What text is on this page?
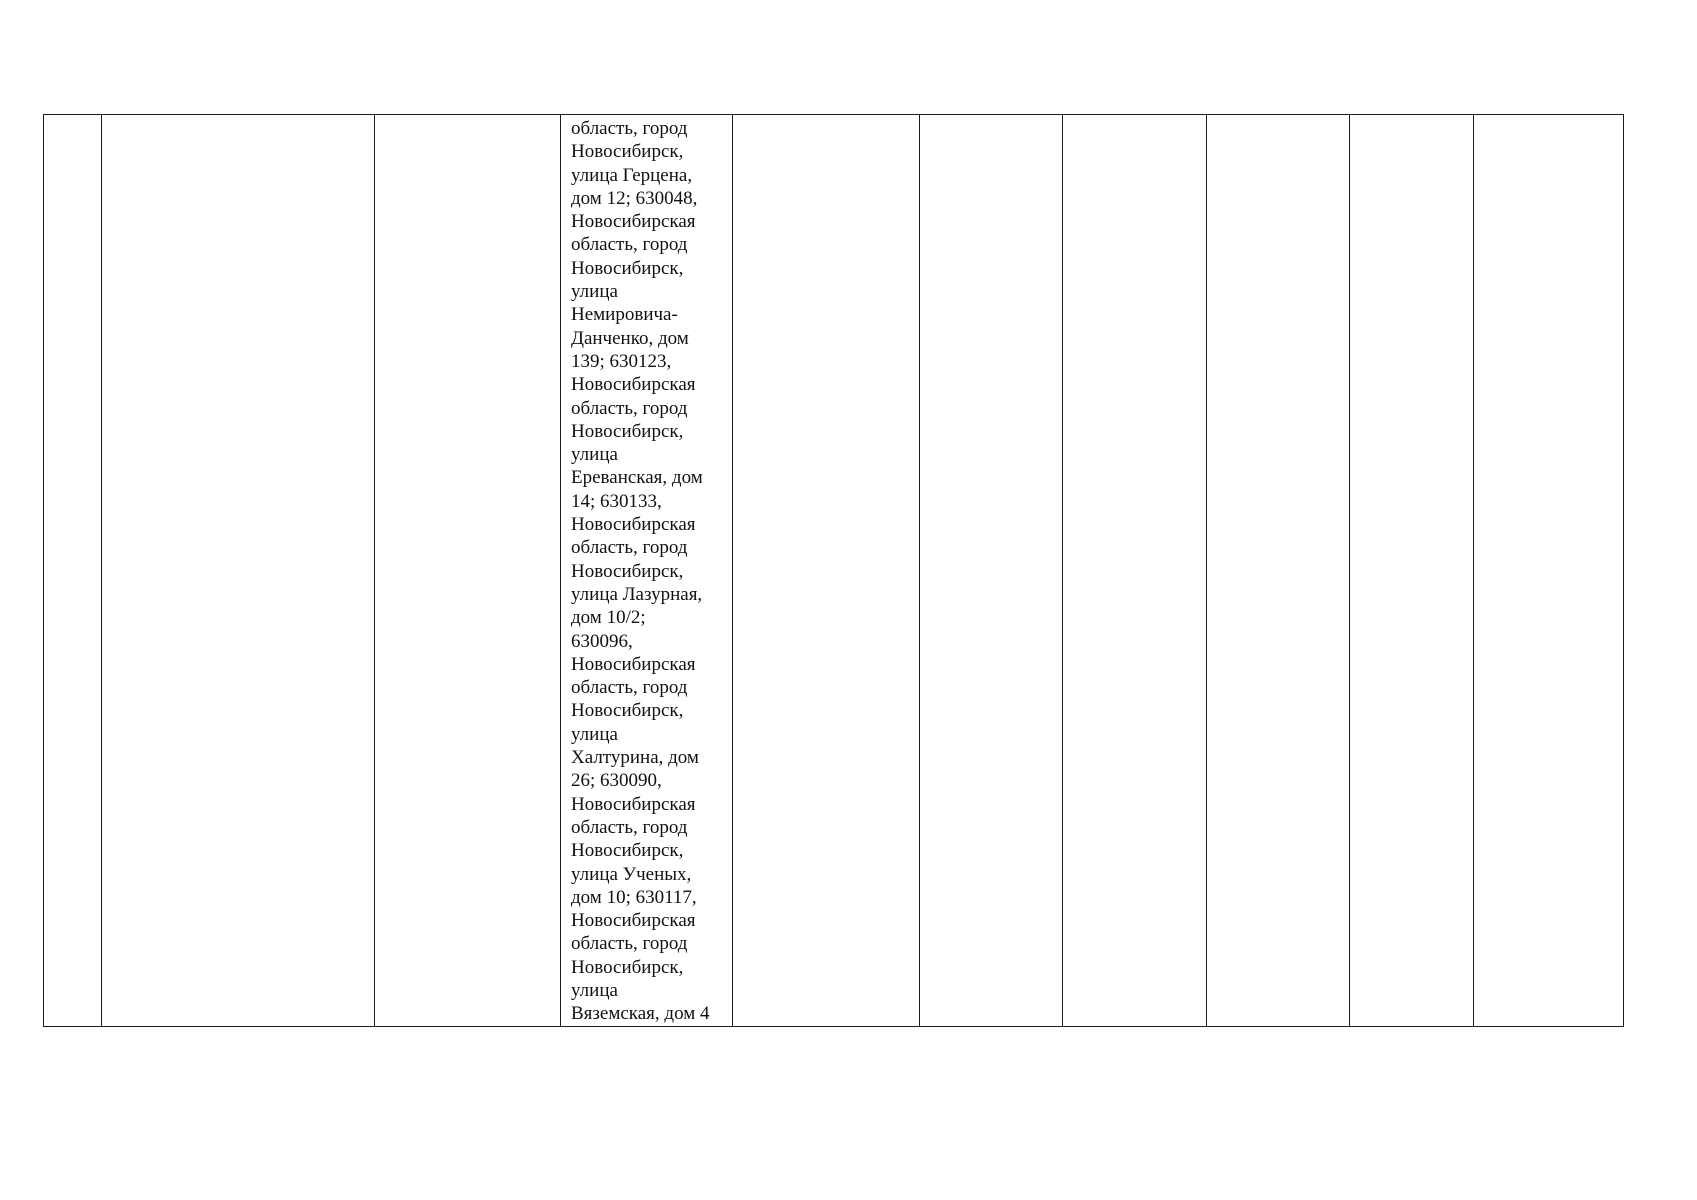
			область, город
Новосибирск,
улица Герцена,
дом 12; 630048,
Новосибирская
область, город
Новосибирск,
улица
Немировича-
Данченко, дом
139; 630123,
Новосибирская
область, город
Новосибирск,
улица
Ереванская, дом
14; 630133,
Новосибирская
область, город
Новосибирск,
улица Лазурная,
дом 10/2;
630096,
Новосибирская
область, город
Новосибирск,
улица
Халтурина, дом
26; 630090,
Новосибирская
область, город
Новосибирск,
улица Ученых,
дом 10; 630117,
Новосибирская
область, город
Новосибирск,
улица
Вяземская, дом 4						
